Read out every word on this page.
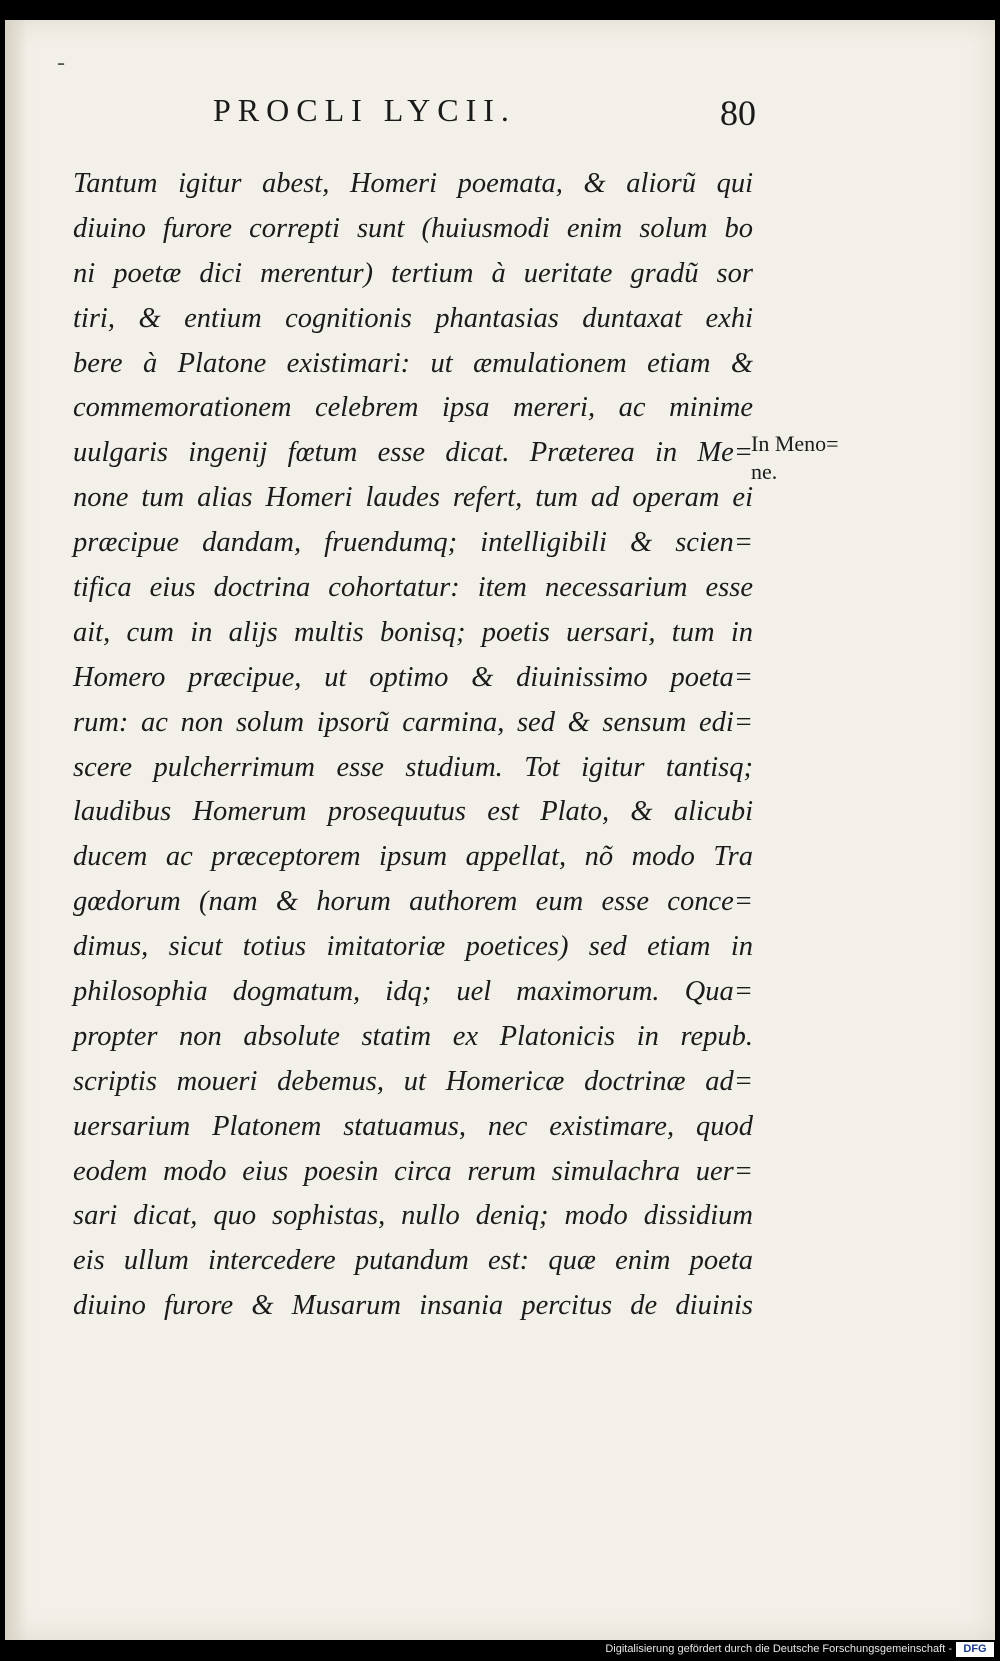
-
PROCLI LYCII.	80
Tantum igitur abest, Homeri poemata, & aliorũ qui
diuino furore correpti sunt (huiusmodi enim solum bo
ni poetæ dici merentur) tertium à ueritate gradũ sor
tiri, & entium cognitionis phantasias duntaxat exhi
bere à Platone existimari: ut æmulationem etiam &
commemorationem celebrem ipsa mereri, ac minime
uulgaris ingenij fœtum esse dicat. Præterea in Me=
none tum alias Homeri laudes refert, tum ad operam ei
præcipue dandam, fruendumq; intelligibili & scien=
tifica eius doctrina cohortatur: item necessarium esse
ait, cum in alijs multis bonisq; poetis uersari, tum in
Homero præcipue, ut optimo & diuinissimo poeta=
rum: ac non solum ipsorũ carmina, sed & sensum edi=
scere pulcherrimum esse studium. Tot igitur tantisq;
laudibus Homerum prosequutus est Plato, & alicubi
ducem ac præceptorem ipsum appellat, nõ modo Tra
gœdorum (nam & horum authorem eum esse conce=
dimus, sicut totius imitatoriæ poetices) sed etiam in
philosophia dogmatum, idq; uel maximorum. Qua=
propter non absolute statim ex Platonicis in repub.
scriptis moueri debemus, ut Homericæ doctrinæ ad=
uersarium Platonem statuamus, nec existimare, quod
eodem modo eius poesin circa rerum simulachra uer=
sari dicat, quo sophistas, nullo deniq; modo dissidium
eis ullum intercedere putandum est: quæ enim poeta
diuino furore & Musarum insania percitus de diuinis
In Meno=
ne.
Digitalisierung gefördert durch die Deutsche Forschungsgemeinschaft -	DFG
